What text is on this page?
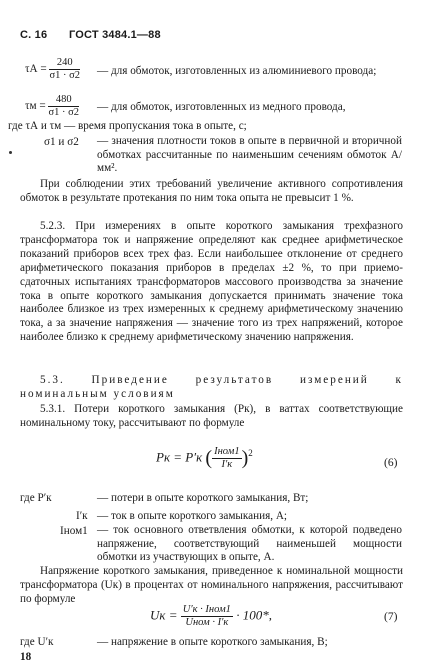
С. 16 ГОСТ 3484.1—88
$\tau А = \frac{240}{\sigma 1 \cdot \sigma 2}$ — для обмоток, изготовленных из алюминиевого провода;
$\tau м = \frac{480}{\sigma 1 \cdot \sigma 2}$ — для обмоток, изготовленных из медного провода,
где τА и τм — время пропускания тока в опыте, с;
σ1 и σ2 — значения плотности токов в опыте в первичной и вторичной обмотках рассчитанные по наименьшим сечениям обмоток А/мм².
При соблюдении этих требований увеличение активного сопротивления обмоток в результате протекания по ним тока опыта не превысит 1 %.
5.2.3. При измерениях в опыте короткого замыкания трехфазного трансформатора ток и напряжение определяют как среднее арифметическое показаний приборов всех трех фаз. Если наибольшее отклонение от среднего арифметического показания приборов в пределах ±2 %, то при приемо-сдаточных испытаниях трансформаторов массового производства за значение тока в опыте короткого замыкания допускается принимать значение тока наиболее близкое из трех измеренных к среднему арифметическому значению тока, а за значение напряжения — значение того из трех напряжений, которое наиболее близко к среднему арифметическому значению напряжения.
5.3. Приведение результатов измерений к номинальным условиям
5.3.1. Потери короткого замыкания (Pк), в ваттах соответствующие номинальному току, рассчитывают по формуле
Pк = P′к ( $\frac{\text{Iном1}}{I'к} )^2$
(6)
где P′к	— потери в опыте короткого замыкания, Вт;
I′к — ток в опыте короткого замыкания, А;
Iном1 — ток основного ответвления обмотки, к которой подведено напряжение, соответствующий наименьшей мощности обмотки из участвующих в опыте, А.
Напряжение короткого замыкания, приведенное к номинальной мощности трансформатора (Uк) в процентах от номинального напряжения, рассчитывают по формуле
Uк = $\frac{\text{U′к · Iном1}}{\text{Uном · I′к}} \cdot 100*$,	(7)
где U′к	— напряжение в опыте короткого замыкания, В;
18
